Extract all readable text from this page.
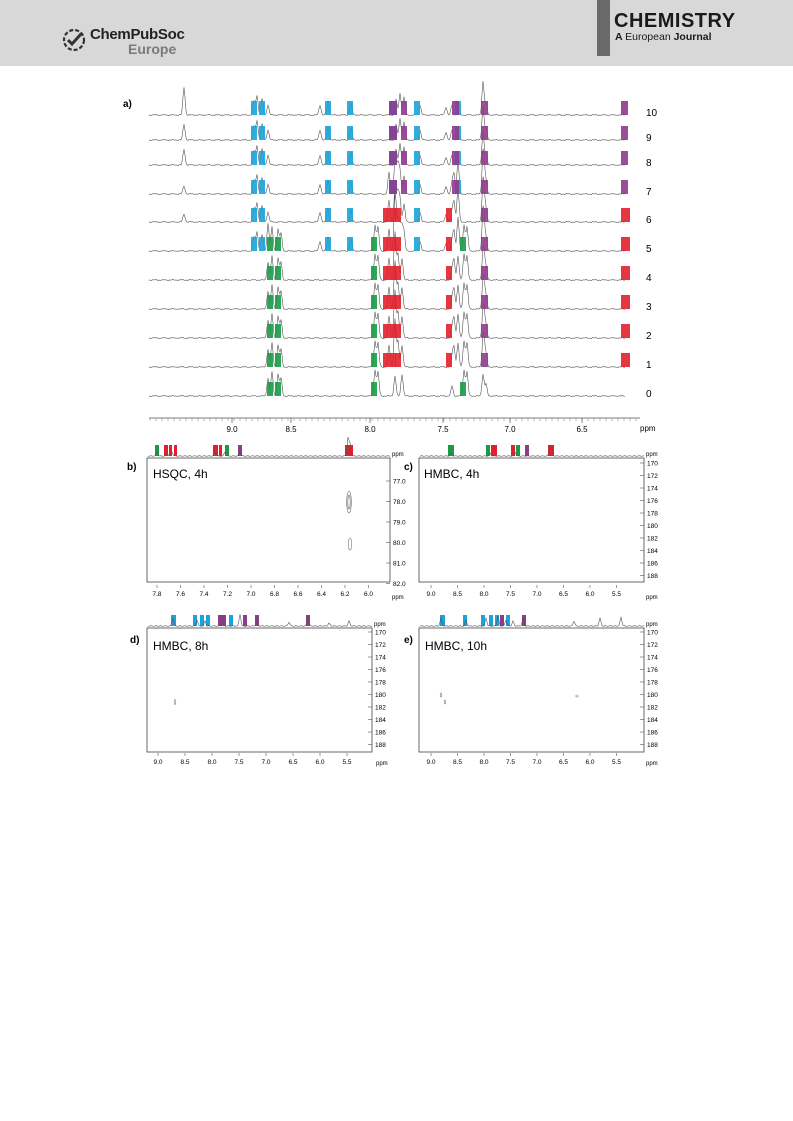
ChemPubSoc
Europe
CHEMISTRY
A European Journal
a)
10
9
8
7
6
5
4
3
2
1
0
ppm
9.0	8.5	8.0	7.5	7.0	6.5
b) HSQC, 4h
ppm
ppm
77.0
78.0
79.0
80.0
81.0
82.0
7.8 7.6 7.4 7.2 7.0 6.8 6.6 6.4 6.2 6.0
c) HMBC, 4h
ppm
ppm
170
172
174
176
178
180
182
184
186
188
9.0	8.5	8.0	7.5	7.0	6.5	6.0	5.5
d) HMBC, 8h
ppm
ppm
170
172
174
176
178
180
182
184
186
188
9.0	8.5	8.0	7.5	7.0	6.5	6.0	5.5
e) HMBC, 10h
ppm
ppm
170
172
174
176
178
180
182
184
186
188
9.0	8.5	8.0	7.5	7.0	6.5	6.0	5.5
